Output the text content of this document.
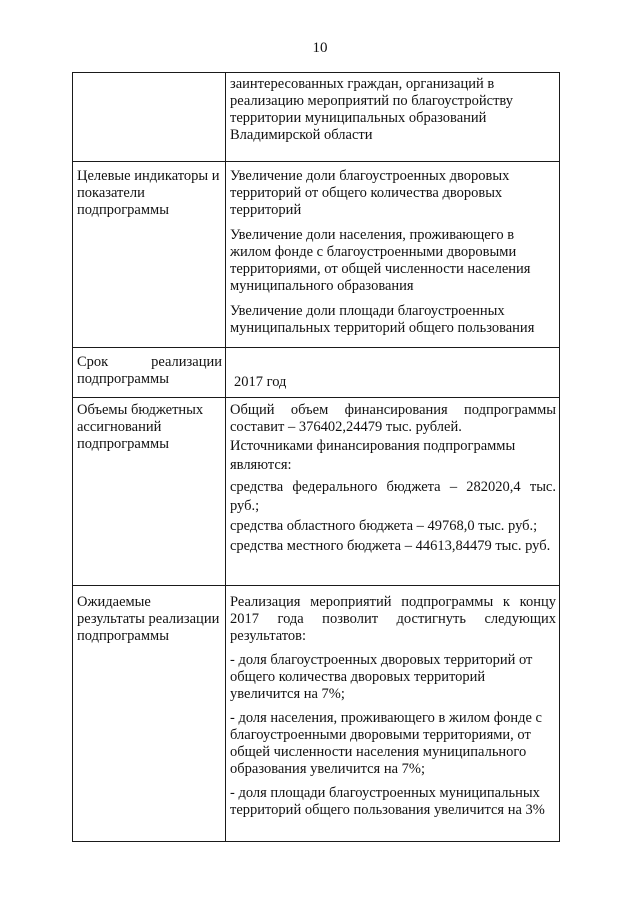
10

	заинтересованных граждан, организаций в реализацию мероприятий по благоустройству территории муниципальных образований Владимирской области

Целевые индикаторы и показатели подпрограммы	Увеличение доли благоустроенных дворовых территорий от общего количества дворовых территорий
Увеличение доли населения, проживающего в жилом фонде с благоустроенными дворовыми территориями, от общей численности населения муниципального образования
Увеличение доли площади благоустроенных муниципальных территорий общего пользования

Срок реализации подпрограммы	2017 год

Объемы бюджетных ассигнований подпрограммы	Общий объем финансирования подпрограммы составит – 376402,24479 тыс. рублей.
Источниками финансирования подпрограммы являются:
средства федерального бюджета – 282020,4 тыс. руб.;
средства областного бюджета – 49768,0 тыс. руб.;
средства местного бюджета – 44613,84479 тыс. руб.

Ожидаемые результаты реализации подпрограммы	Реализация мероприятий подпрограммы к концу 2017 года позволит достигнуть следующих результатов:
- доля благоустроенных дворовых территорий от общего количества дворовых территорий увеличится на 7%;
- доля населения, проживающего в жилом фонде с благоустроенными дворовыми территориями, от общей численности населения муниципального образования увеличится на 7%;
- доля площади благоустроенных муниципальных территорий общего пользования увеличится на 3%
